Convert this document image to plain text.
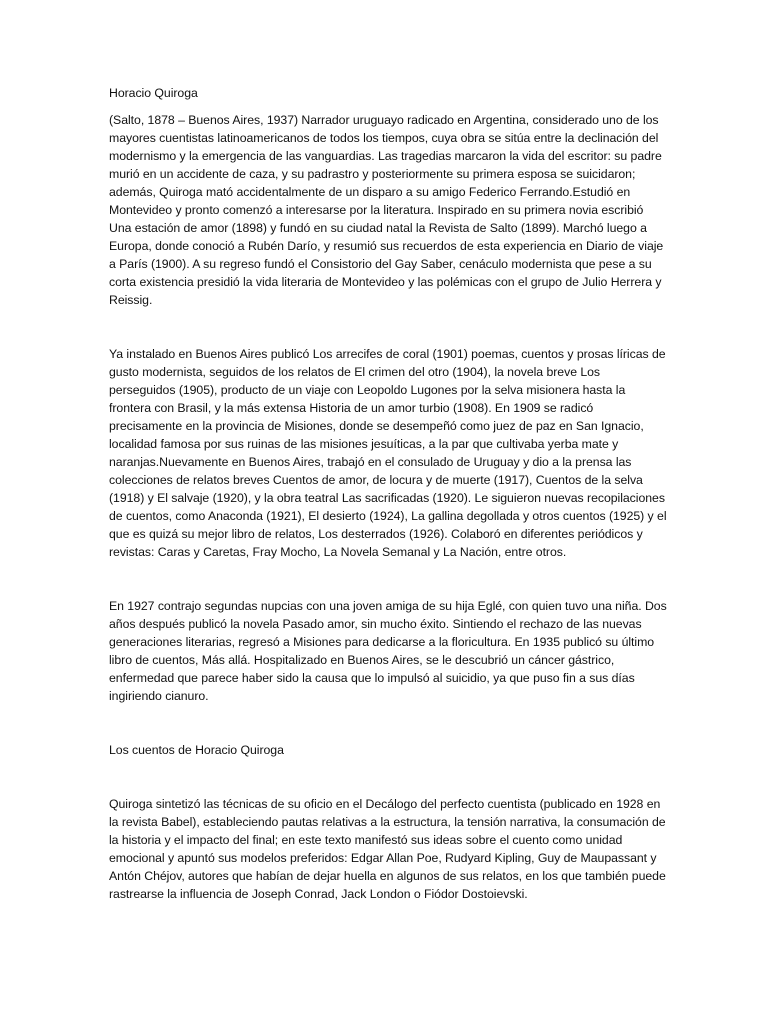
Horacio Quiroga

(Salto, 1878 – Buenos Aires, 1937) Narrador uruguayo radicado en Argentina, considerado uno de los mayores cuentistas latinoamericanos de todos los tiempos, cuya obra se sitúa entre la declinación del modernismo y la emergencia de las vanguardias. Las tragedias marcaron la vida del escritor: su padre murió en un accidente de caza, y su padrastro y posteriormente su primera esposa se suicidaron; además, Quiroga mató accidentalmente de un disparo a su amigo Federico Ferrando.Estudió en Montevideo y pronto comenzó a interesarse por la literatura. Inspirado en su primera novia escribió Una estación de amor (1898) y fundó en su ciudad natal la Revista de Salto (1899). Marchó luego a Europa, donde conoció a Rubén Darío, y resumió sus recuerdos de esta experiencia en Diario de viaje a París (1900). A su regreso fundó el Consistorio del Gay Saber, cenáculo modernista que pese a su corta existencia presidió la vida literaria de Montevideo y las polémicas con el grupo de Julio Herrera y Reissig.

Ya instalado en Buenos Aires publicó Los arrecifes de coral (1901) poemas, cuentos y prosas líricas de gusto modernista, seguidos de los relatos de El crimen del otro (1904), la novela breve Los perseguidos (1905), producto de un viaje con Leopoldo Lugones por la selva misionera hasta la frontera con Brasil, y la más extensa Historia de un amor turbio (1908). En 1909 se radicó precisamente en la provincia de Misiones, donde se desempeñó como juez de paz en San Ignacio, localidad famosa por sus ruinas de las misiones jesuíticas, a la par que cultivaba yerba mate y naranjas.Nuevamente en Buenos Aires, trabajó en el consulado de Uruguay y dio a la prensa las colecciones de relatos breves Cuentos de amor, de locura y de muerte (1917), Cuentos de la selva (1918) y El salvaje (1920), y la obra teatral Las sacrificadas (1920). Le siguieron nuevas recopilaciones de cuentos, como Anaconda (1921), El desierto (1924), La gallina degollada y otros cuentos (1925) y el que es quizá su mejor libro de relatos, Los desterrados (1926). Colaboró en diferentes periódicos y revistas: Caras y Caretas, Fray Mocho, La Novela Semanal y La Nación, entre otros.

En 1927 contrajo segundas nupcias con una joven amiga de su hija Eglé, con quien tuvo una niña. Dos años después publicó la novela Pasado amor, sin mucho éxito. Sintiendo el rechazo de las nuevas generaciones literarias, regresó a Misiones para dedicarse a la floricultura. En 1935 publicó su último libro de cuentos, Más allá. Hospitalizado en Buenos Aires, se le descubrió un cáncer gástrico, enfermedad que parece haber sido la causa que lo impulsó al suicidio, ya que puso fin a sus días ingiriendo cianuro.

Los cuentos de Horacio Quiroga

Quiroga sintetizó las técnicas de su oficio en el Decálogo del perfecto cuentista (publicado en 1928 en la revista Babel), estableciendo pautas relativas a la estructura, la tensión narrativa, la consumación de la historia y el impacto del final; en este texto manifestó sus ideas sobre el cuento como unidad emocional y apuntó sus modelos preferidos: Edgar Allan Poe, Rudyard Kipling, Guy de Maupassant y Antón Chéjov, autores que habían de dejar huella en algunos de sus relatos, en los que también puede rastrearse la influencia de Joseph Conrad, Jack London o Fiódor Dostoievski.
